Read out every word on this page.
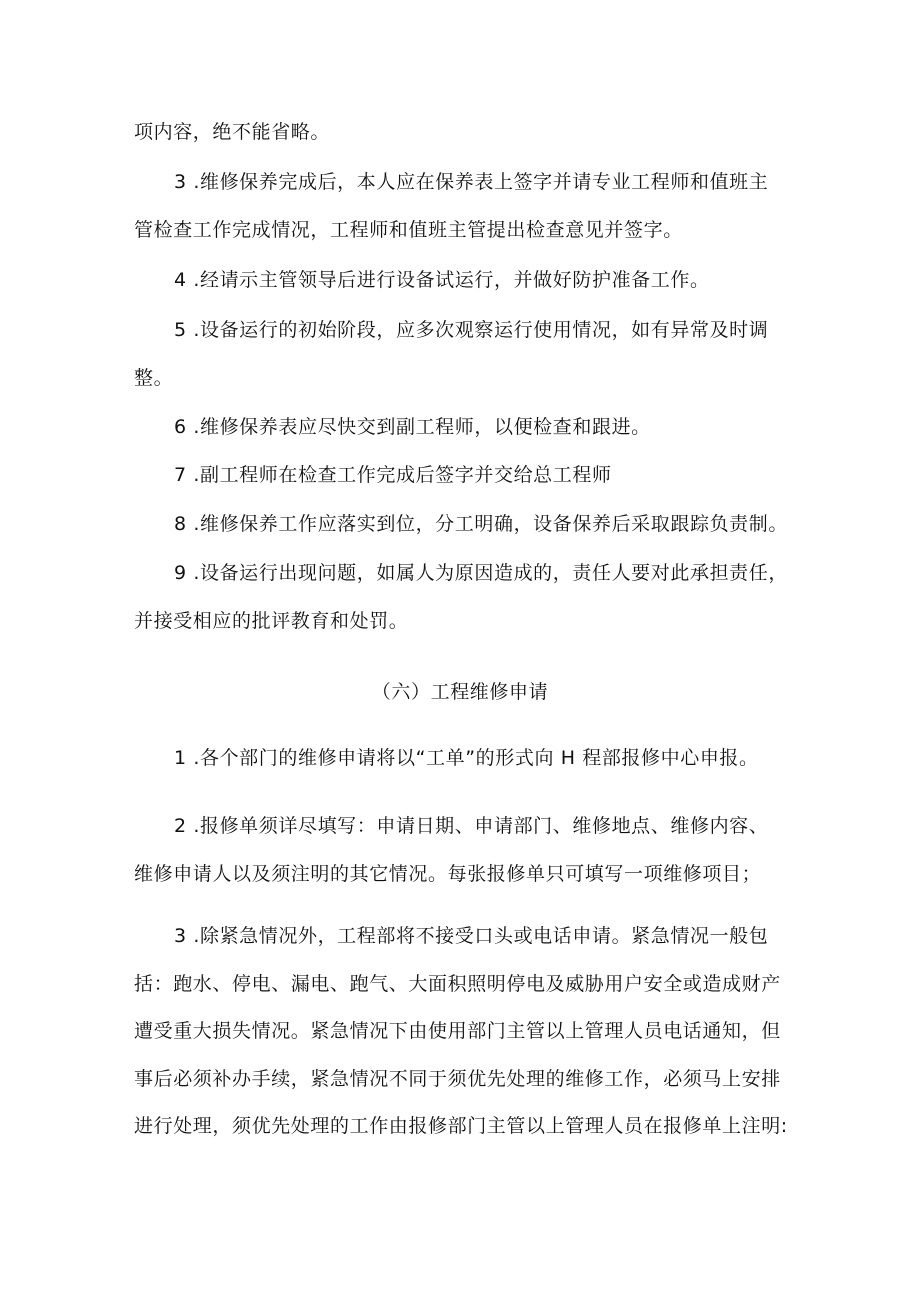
项内容，绝不能省略。
3 .维修保养完成后，本人应在保养表上签字并请专业工程师和值班主
管检查工作完成情况，工程师和值班主管提出检查意见并签字。
4 .经请示主管领导后进行设备试运行，并做好防护准备工作。
5 .设备运行的初始阶段，应多次观察运行使用情况，如有异常及时调
整。
6 .维修保养表应尽快交到副工程师，以便检查和跟进。
7 .副工程师在检查工作完成后签字并交给总工程师
8 .维修保养工作应落实到位，分工明确，设备保养后采取跟踪负责制。
9 .设备运行出现问题，如属人为原因造成的，责任人要对此承担责任，
并接受相应的批评教育和处罚。
（六）工程维修申请
1 .各个部门的维修申请将以“工单”的形式向 H 程部报修中心申报。
2 .报修单须详尽填写：申请日期、申请部门、维修地点、维修内容、
维修申请人以及须注明的其它情况。每张报修单只可填写一项维修项目；
3 .除紧急情况外，工程部将不接受口头或电话申请。紧急情况一般包
括：跑水、停电、漏电、跑气、大面积照明停电及威胁用户安全或造成财产
遭受重大损失情况。紧急情况下由使用部门主管以上管理人员电话通知，但
事后必须补办手续，紧急情况不同于须优先处理的维修工作，必须马上安排
进行处理，须优先处理的工作由报修部门主管以上管理人员在报修单上注明:
